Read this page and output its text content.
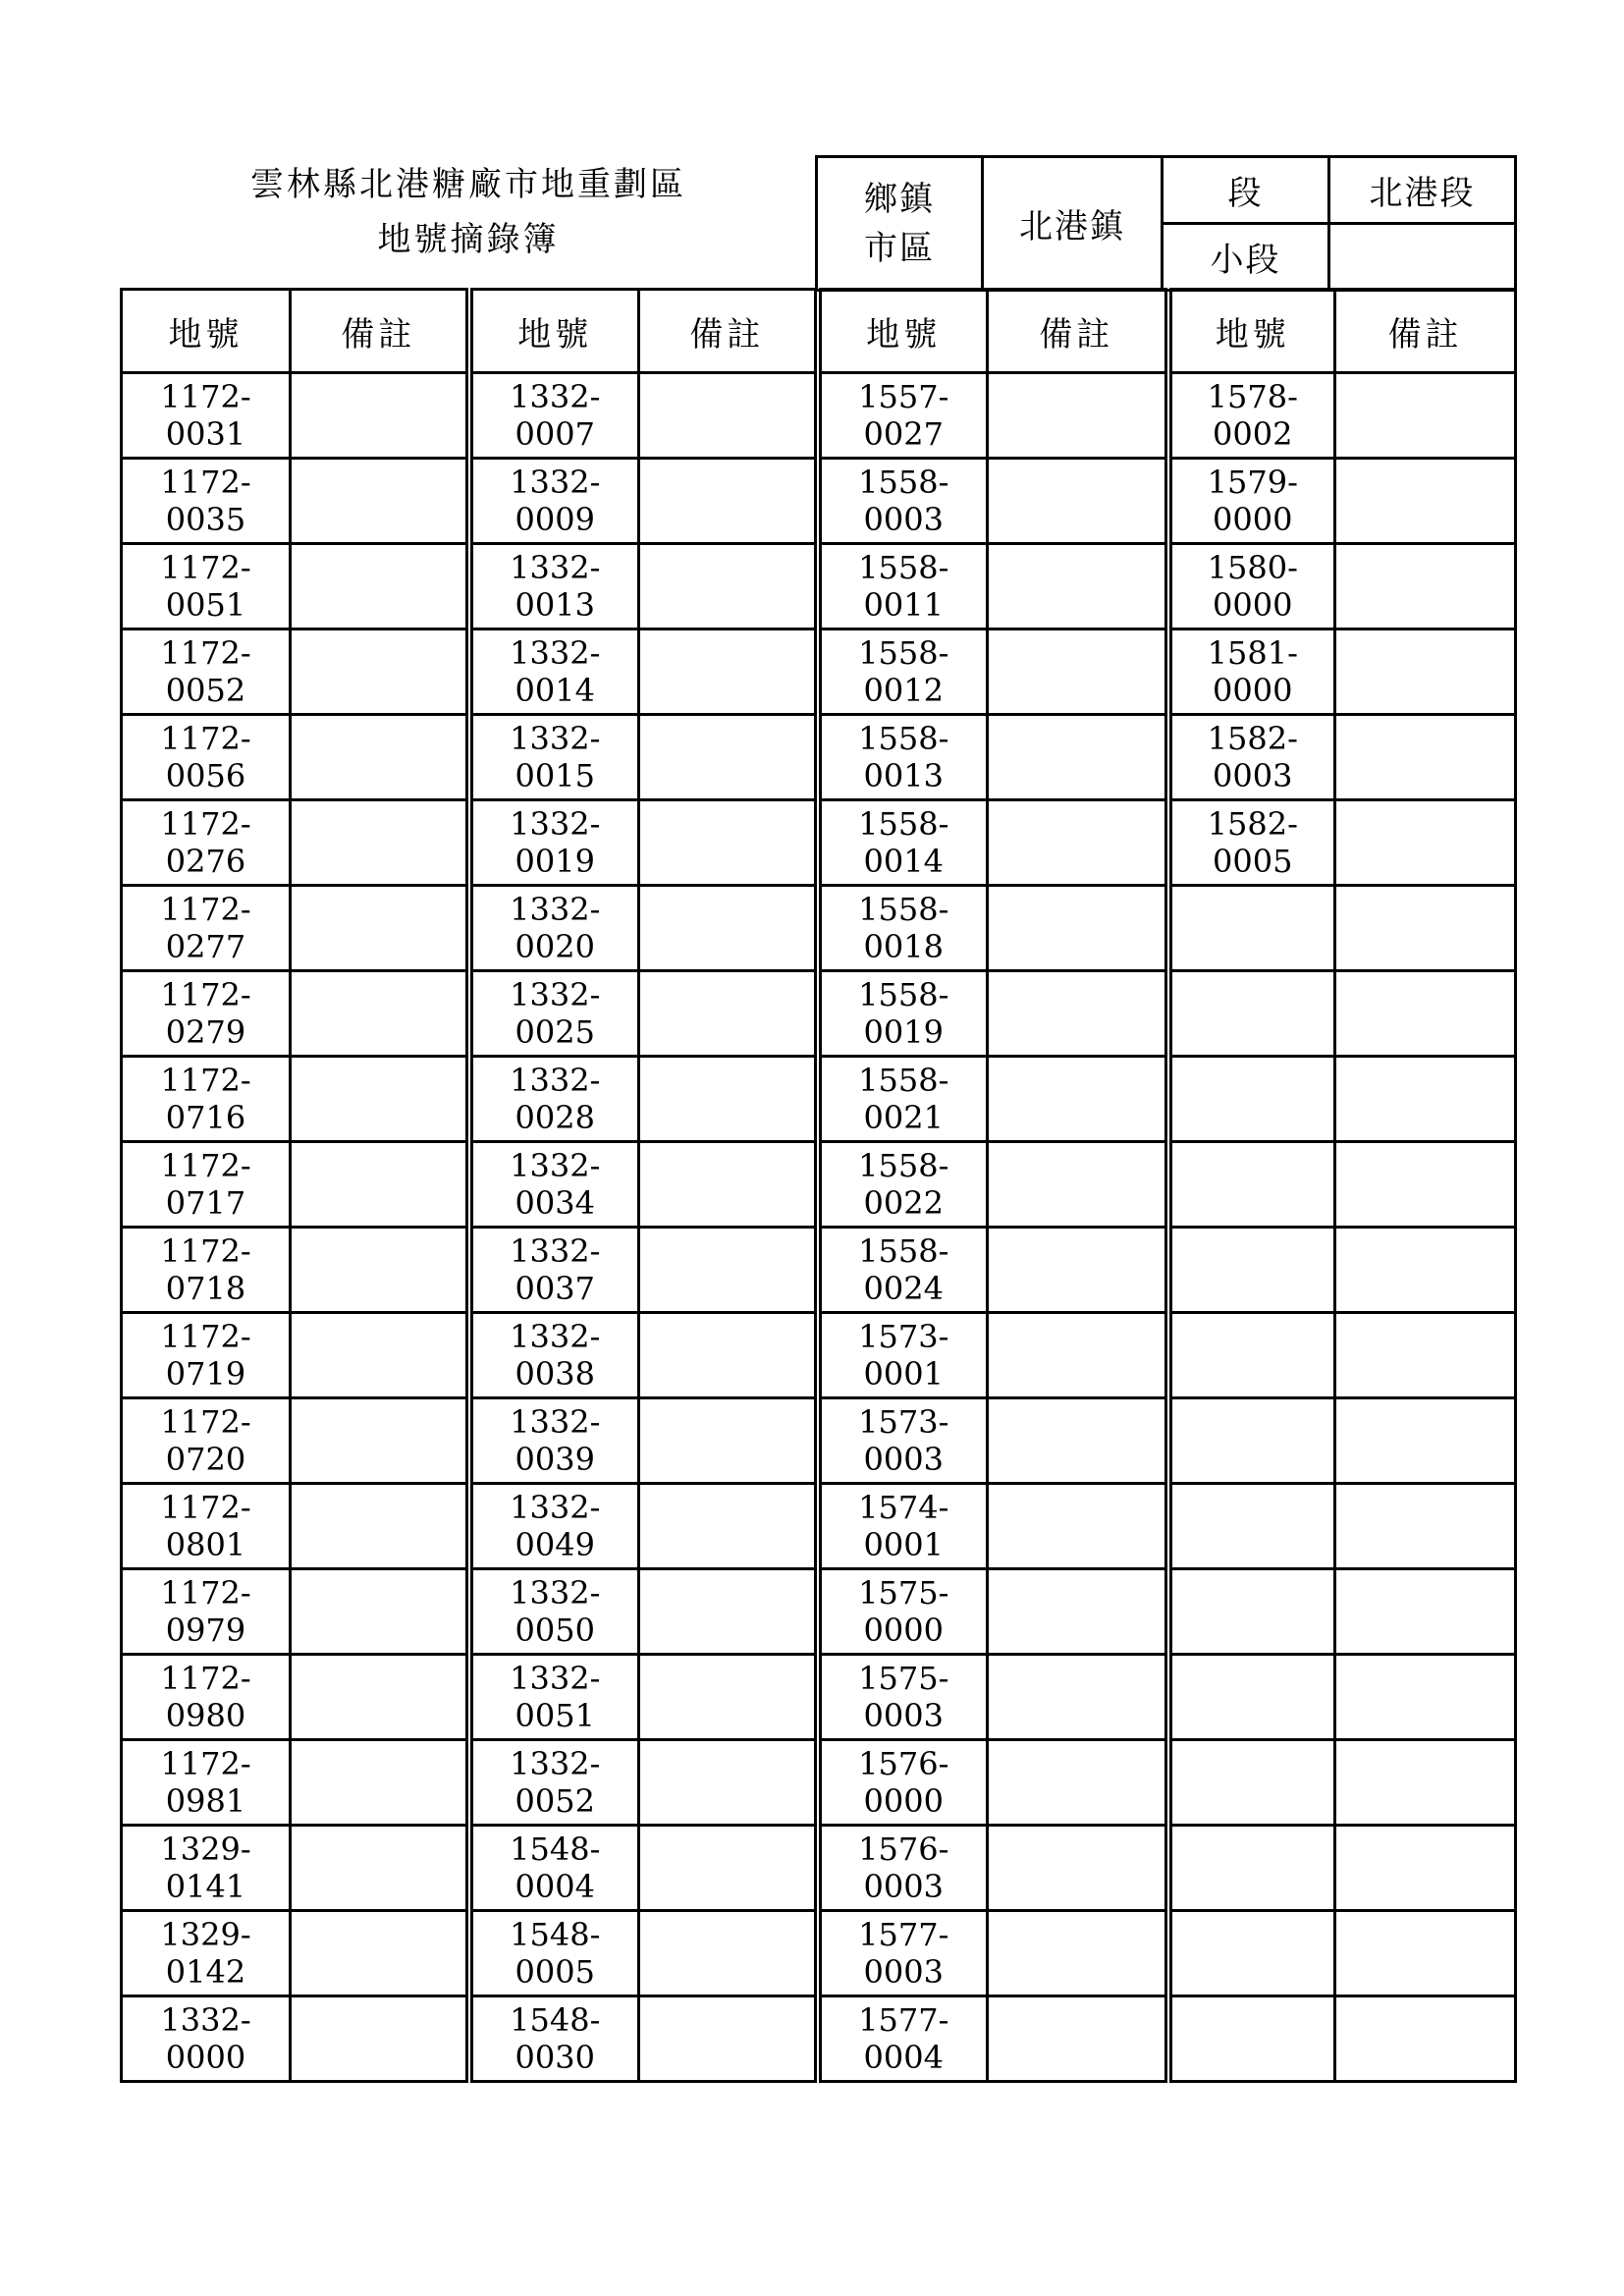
雲林縣北港糖廠市地重劃區
地號摘錄簿
鄉鎮
市區	北港鎮	段	北港段
		小段	
地號	備註	地號	備註	地號	備註	地號	備註
1172-0031		1332-0007		1557-0027		1578-0002	
1172-0035		1332-0009		1558-0003		1579-0000	
1172-0051		1332-0013		1558-0011		1580-0000	
1172-0052		1332-0014		1558-0012		1581-0000	
1172-0056		1332-0015		1558-0013		1582-0003	
1172-0276		1332-0019		1558-0014		1582-0005	
1172-0277		1332-0020		1558-0018			
1172-0279		1332-0025		1558-0019			
1172-0716		1332-0028		1558-0021			
1172-0717		1332-0034		1558-0022			
1172-0718		1332-0037		1558-0024			
1172-0719		1332-0038		1573-0001			
1172-0720		1332-0039		1573-0003			
1172-0801		1332-0049		1574-0001			
1172-0979		1332-0050		1575-0000			
1172-0980		1332-0051		1575-0003			
1172-0981		1332-0052		1576-0000			
1329-0141		1548-0004		1576-0003			
1329-0142		1548-0005		1577-0003			
1332-0000		1548-0030		1577-0004			
